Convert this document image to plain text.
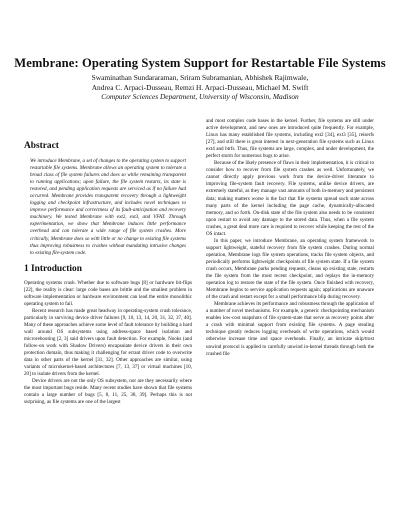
Membrane: Operating System Support for Restartable File Systems
Swaminathan Sundararaman, Sriram Subramanian, Abhishek Rajimwale,
Andrea C. Arpaci-Dusseau, Remzi H. Arpaci-Dusseau, Michael M. Swift
Computer Sciences Department, University of Wisconsin, Madison
Abstract

We introduce Membrane, a set of changes to the operating system to support restartable file systems. Membrane allows an operating system to tolerate a broad class of file system failures and does so while remaining transparent to running applications; upon failure, the file system restarts, its state is restored, and pending application requests are serviced as if no failure had occurred. Membrane provides transparent recovery through a lightweight logging and checkpoint infrastructure, and includes novel techniques to improve performance and correctness of its fault-anticipation and recovery machinery. We tested Membrane with ext2, ext3, and VFAT. Through experimentation, we show that Membrane induces little performance overhead and can tolerate a wide range of file system crashes. More critically, Membrane does so with little or no change to existing file systems thus improving robustness to crashes without mandating intrusive changes to existing file-system code.

1 Introduction

Operating systems crash. Whether due to software bugs [8] or hardware bit-flips [22], the reality is clear: large code bases are brittle and the smallest problem in software implementation or hardware environment can lead the entire monolithic operating system to fail.

Recent research has made great headway in operating-system crash tolerance, particularly in surviving device driver failures [9, 10, 13, 14, 20, 31, 32, 37, 40]. Many of these approaches achieve some level of fault tolerance by building a hard wall around OS subsystems using address-space based isolation and microrebooting [2, 3] said drivers upon fault detection. For example, Nooks (and follow-on work with Shadow Drivers) encapsulate device drivers in their own protection domain, thus making it challenging for errant driver code to overwrite data in other parts of the kernel [31, 32]. Other approaches are similar, using variants of microkernel-based architectures [7, 13, 37] or virtual machines [10, 20] to isolate drivers from the kernel.

Device drivers are not the only OS subsystem, nor are they necessarily where the most important bugs reside. Many recent studies have shown that file systems contain a large number of bugs [5, 8, 11, 25, 38, 39]. Perhaps this is not surprising, as file systems are one of the largest

and most complex code bases in the kernel. Further, file systems are still under active development, and new ones are introduced quite frequently. For example, Linux has many established file systems, including ext2 [34], ext3 [35], reiserfs [27], and still there is great interest in next-generation file systems such as Linux ext4 and btrfs. Thus, file systems are large, complex, and under development, the perfect storm for numerous bugs to arise.

Because of the likely presence of flaws in their implementation, it is critical to consider how to recover from file system crashes as well. Unfortunately, we cannot directly apply previous work from the device-driver literature to improving file-system fault recovery. File systems, unlike device drivers, are extremely stateful, as they manage vast amounts of both in-memory and persistent data; making matters worse is the fact that file systems spread such state across many parts of the kernel including the page cache, dynamically-allocated memory, and so forth. On-disk state of the file system also needs to be consistent upon restart to avoid any damage to the stored data. Thus, when a file system crashes, a great deal more care is required to recover while keeping the rest of the OS intact.

In this paper, we introduce Membrane, an operating system framework to support lightweight, stateful recovery from file system crashes. During normal operation, Membrane logs file system operations, tracks file system objects, and periodically performs lightweight checkpoints of file system state. If a file system crash occurs, Membrane parks pending requests, cleans up existing state, restarts the file system from the most recent checkpoint, and replays the in-memory operation log to restore the state of the file system. Once finished with recovery, Membrane begins to service application requests again; applications are unaware of the crash and restart except for a small performance blip during recovery.

Membrane achieves its performance and robustness through the application of a number of novel mechanisms. For example, a generic checkpointing mechanism enables low-cost snapshots of file system-state that serve as recovery points after a crash with minimal support from existing file systems. A page stealing technique greatly reduces logging overheads of write operations, which would otherwise increase time and space overheads. Finally, an intricate skip/trust unwind protocol is applied to carefully unwind in-kernel threads through both the crashed file
